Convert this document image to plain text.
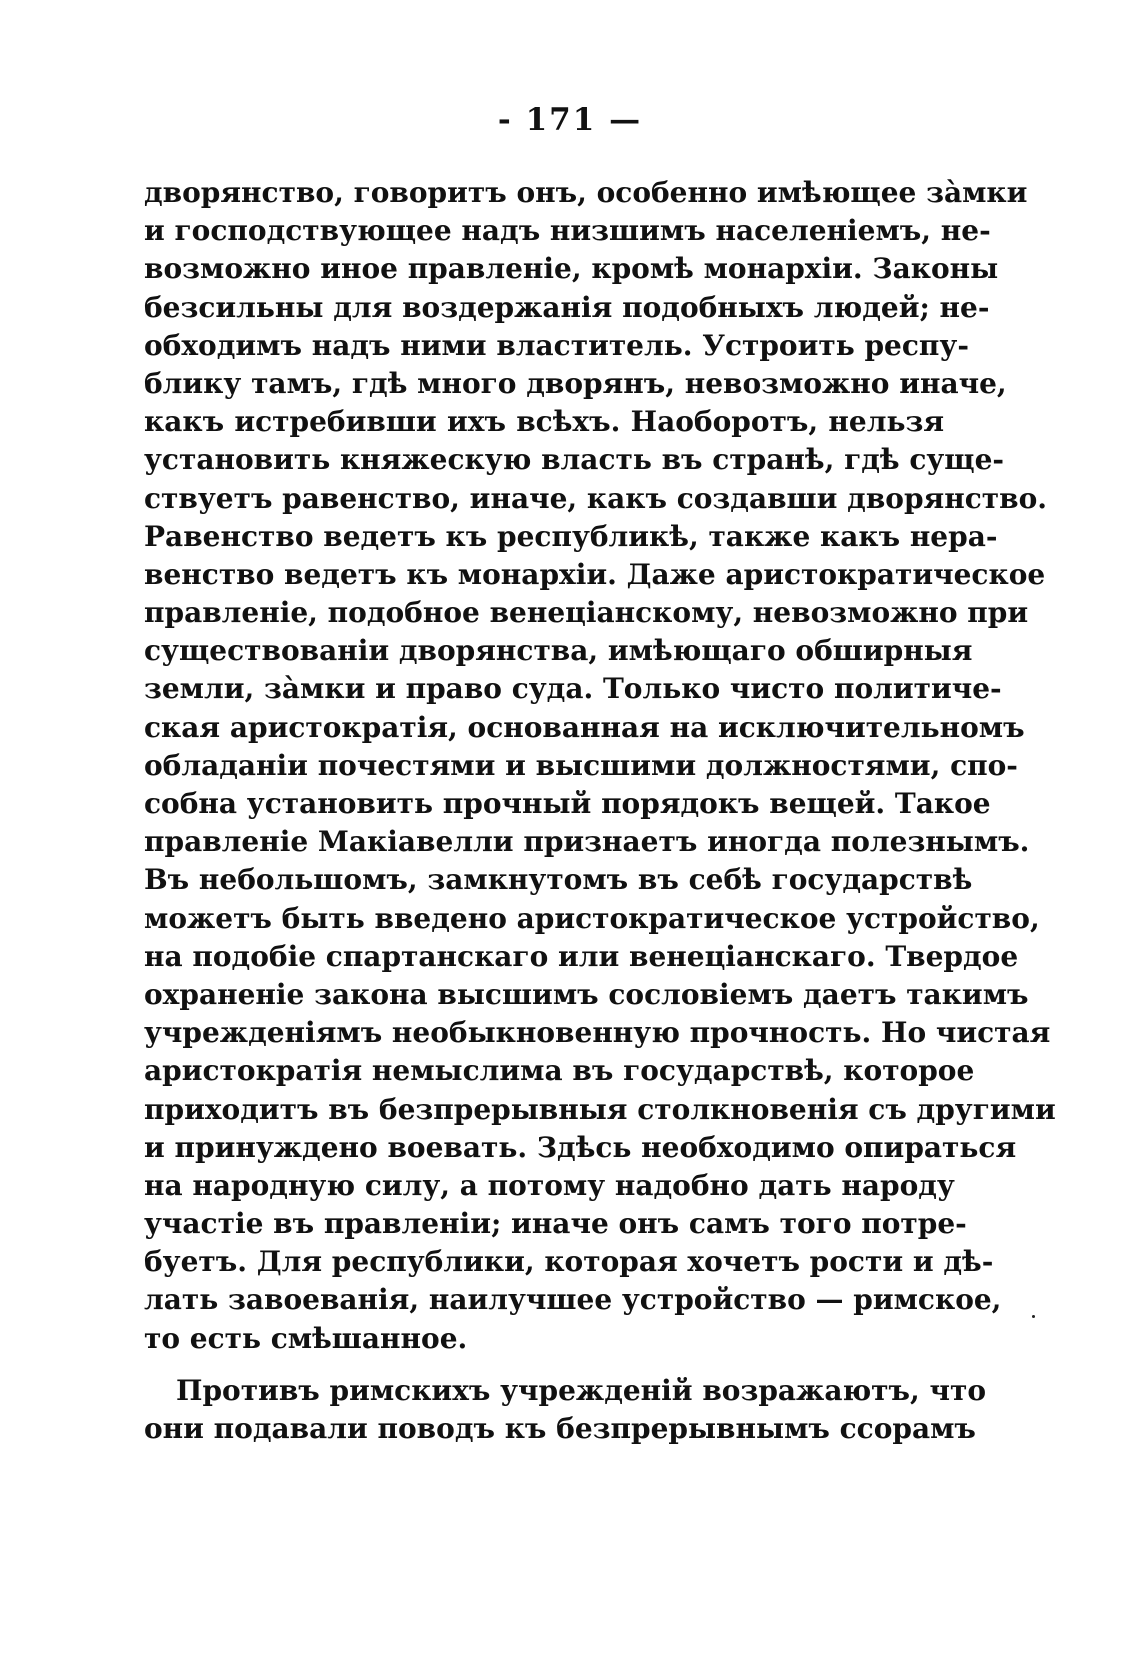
- 171 —
дворянство, говоритъ онъ, особенно имѣющее за̀мки
и господствующее надъ низшимъ населеніемъ, не-
возможно иное правленіе, кромѣ монархіи. Законы
безсильны для воздержанія подобныхъ людей; не-
обходимъ надъ ними властитель. Устроить респу-
блику тамъ, гдѣ много дворянъ, невозможно иначе,
какъ истребивши ихъ всѣхъ. Наоборотъ, нельзя
установить княжескую власть въ странѣ, гдѣ суще-
ствуетъ равенство, иначе, какъ создавши дворянство.
Равенство ведетъ къ республикѣ, также какъ нера-
венство ведетъ къ монархіи. Даже аристократическое
правленіе, подобное венеціанскому, невозможно при
существованіи дворянства, имѣющаго обширныя
земли, за̀мки и право суда. Только чисто политиче-
ская аристократія, основанная на исключительномъ
обладаніи почестями и высшими должностями, спо-
собна установить прочный порядокъ вещей. Такое
правленіе Макіавелли признаетъ иногда полезнымъ.
Въ небольшомъ, замкнутомъ въ себѣ государствѣ
можетъ быть введено аристократическое устройство,
на подобіе спартанскаго или венеціанскаго. Твердое
охраненіе закона высшимъ сословіемъ даетъ такимъ
учрежденіямъ необыкновенную прочность. Но чистая
аристократія немыслима въ государствѣ, которое
приходитъ въ безпрерывныя столкновенія съ другими
и принуждено воевать. Здѣсь необходимо опираться
на народную силу, а потому надобно дать народу
участіе въ правленіи; иначе онъ самъ того потре-
буетъ. Для республики, которая хочетъ рости и дѣ-
лать завоеванія, наилучшее устройство — римское,
то есть смѣшанное.
Противъ римскихъ учрежденій возражаютъ, что
они подавали поводъ къ безпрерывнымъ ссорамъ
